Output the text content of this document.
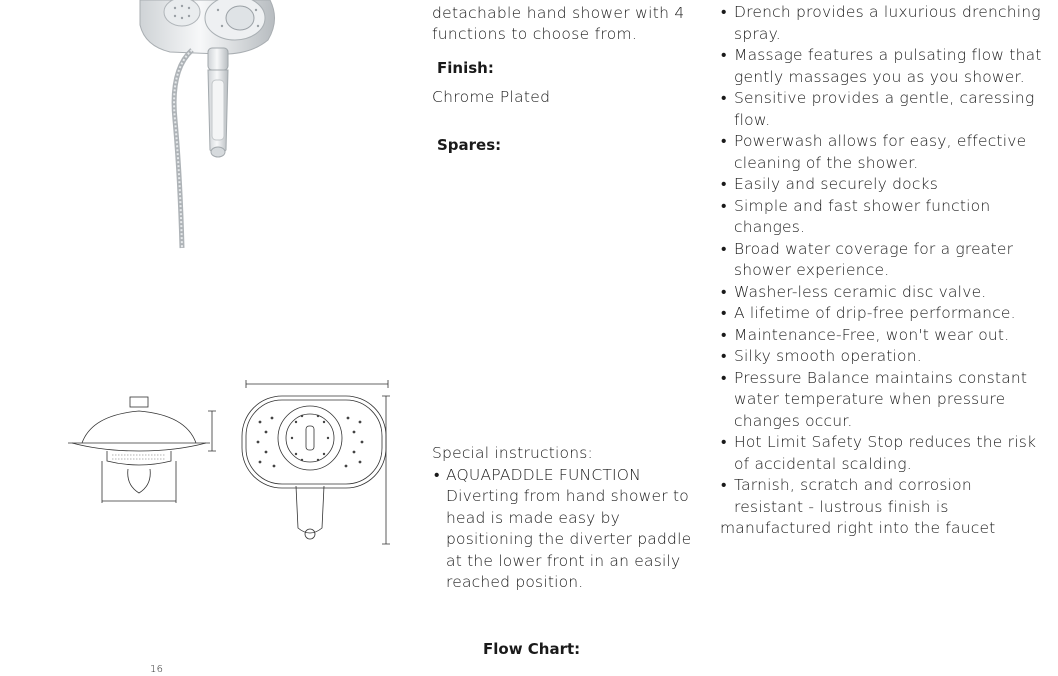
detachable hand shower with 4
functions to choose from.
Finish:
Chrome Plated
Spares:
Special instructions:
• AQUAPADDLE FUNCTION
Diverting from hand shower to head is made easy by positioning the diverter paddle at the lower front in an easily reached position.
• Drench provides a luxurious drenching spray.
• Massage features a pulsating flow that gently massages you as you shower.
• Sensitive provides a gentle, caressing flow.
• Powerwash allows for easy, effective cleaning of the shower.
• Easily and securely docks
• Simple and fast shower function changes.
• Broad water coverage for a greater shower experience.
• Washer-less ceramic disc valve.
• A lifetime of drip-free performance.
• Maintenance-Free, won't wear out.
• Silky smooth operation.
• Pressure Balance maintains constant water temperature when pressure changes occur.
• Hot Limit Safety Stop reduces the risk of accidental scalding.
• Tarnish, scratch and corrosion
resistant - lustrous finish is
manufactured right into the faucet
Flow Chart:
16
